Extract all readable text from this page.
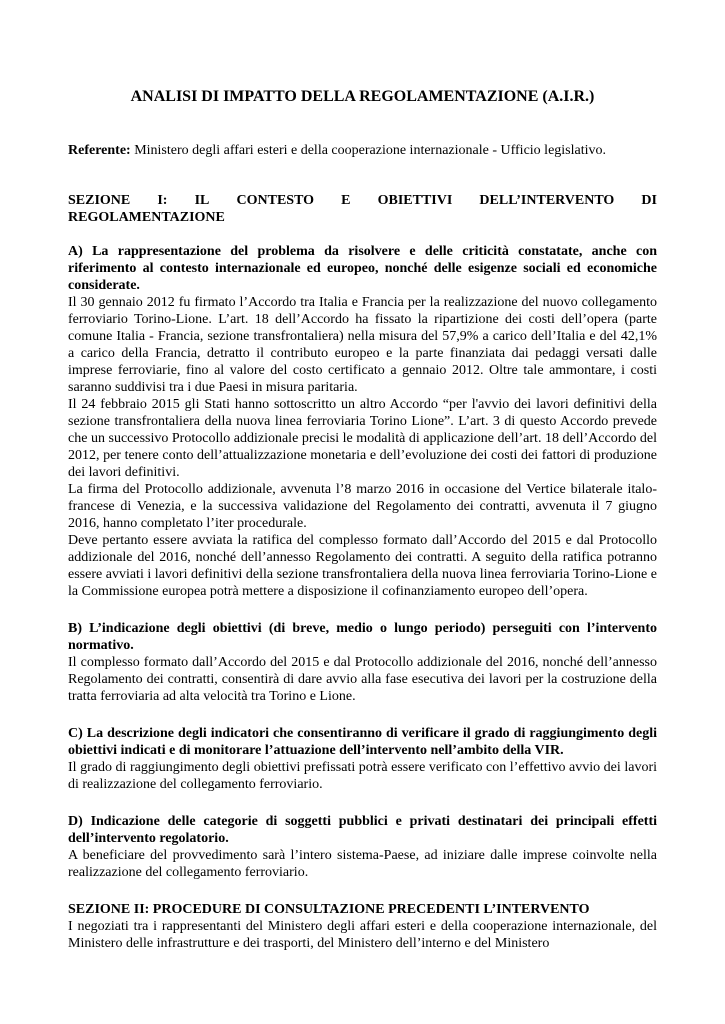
ANALISI DI IMPATTO DELLA REGOLAMENTAZIONE (A.I.R.)
Referente: Ministero degli affari esteri e della cooperazione internazionale - Ufficio legislativo.
SEZIONE I: IL CONTESTO E OBIETTIVI DELL’INTERVENTO DI
REGOLAMENTAZIONE
A) La rappresentazione del problema da risolvere e delle criticità constatate, anche con riferimento al contesto internazionale ed europeo, nonché delle esigenze sociali ed economiche considerate.

Il 30 gennaio 2012 fu firmato l’Accordo tra Italia e Francia per la realizzazione del nuovo collegamento ferroviario Torino-Lione. L’art. 18 dell’Accordo ha fissato la ripartizione dei costi dell’opera (parte comune Italia - Francia, sezione transfrontaliera) nella misura del 57,9% a carico dell’Italia e del 42,1% a carico della Francia, detratto il contributo europeo e la parte finanziata dai pedaggi versati dalle imprese ferroviarie, fino al valore del costo certificato a gennaio 2012. Oltre tale ammontare, i costi saranno suddivisi tra i due Paesi in misura paritaria.

Il 24 febbraio 2015 gli Stati hanno sottoscritto un altro Accordo “per l'avvio dei lavori definitivi della sezione transfrontaliera della nuova linea ferroviaria Torino Lione”. L’art. 3 di questo Accordo prevede che un successivo Protocollo addizionale precisi le modalità di applicazione dell’art. 18 dell’Accordo del 2012, per tenere conto dell’attualizzazione monetaria e dell’evoluzione dei costi dei fattori di produzione dei lavori definitivi.

La firma del Protocollo addizionale, avvenuta l’8 marzo 2016 in occasione del Vertice bilaterale italo-francese di Venezia, e la successiva validazione del Regolamento dei contratti, avvenuta il 7 giugno 2016, hanno completato l’iter procedurale.

Deve pertanto essere avviata la ratifica del complesso formato dall’Accordo del 2015 e dal Protocollo addizionale del 2016, nonché dell’annesso Regolamento dei contratti. A seguito della ratifica potranno essere avviati i lavori definitivi della sezione transfrontaliera della nuova linea ferroviaria Torino-Lione e la Commissione europea potrà mettere a disposizione il cofinanziamento europeo dell’opera.

B) L’indicazione degli obiettivi (di breve, medio o lungo periodo) perseguiti con l’intervento normativo.

Il complesso formato dall’Accordo del 2015 e dal Protocollo addizionale del 2016, nonché dell’annesso Regolamento dei contratti, consentirà di dare avvio alla fase esecutiva dei lavori per la costruzione della tratta ferroviaria ad alta velocità tra Torino e Lione.

C) La descrizione degli indicatori che consentiranno di verificare il grado di raggiungimento degli obiettivi indicati e di monitorare l’attuazione dell’intervento nell’ambito della VIR.

Il grado di raggiungimento degli obiettivi prefissati potrà essere verificato con l’effettivo avvio dei lavori di realizzazione del collegamento ferroviario.

D) Indicazione delle categorie di soggetti pubblici e privati destinatari dei principali effetti dell’intervento regolatorio.

A beneficiare del provvedimento sarà l’intero sistema-Paese, ad iniziare dalle imprese coinvolte nella realizzazione del collegamento ferroviario.

SEZIONE II: PROCEDURE DI CONSULTAZIONE PRECEDENTI L’INTERVENTO

I negoziati tra i rappresentanti del Ministero degli affari esteri e della cooperazione internazionale, del Ministero delle infrastrutture e dei trasporti, del Ministero dell’interno e del Ministero
